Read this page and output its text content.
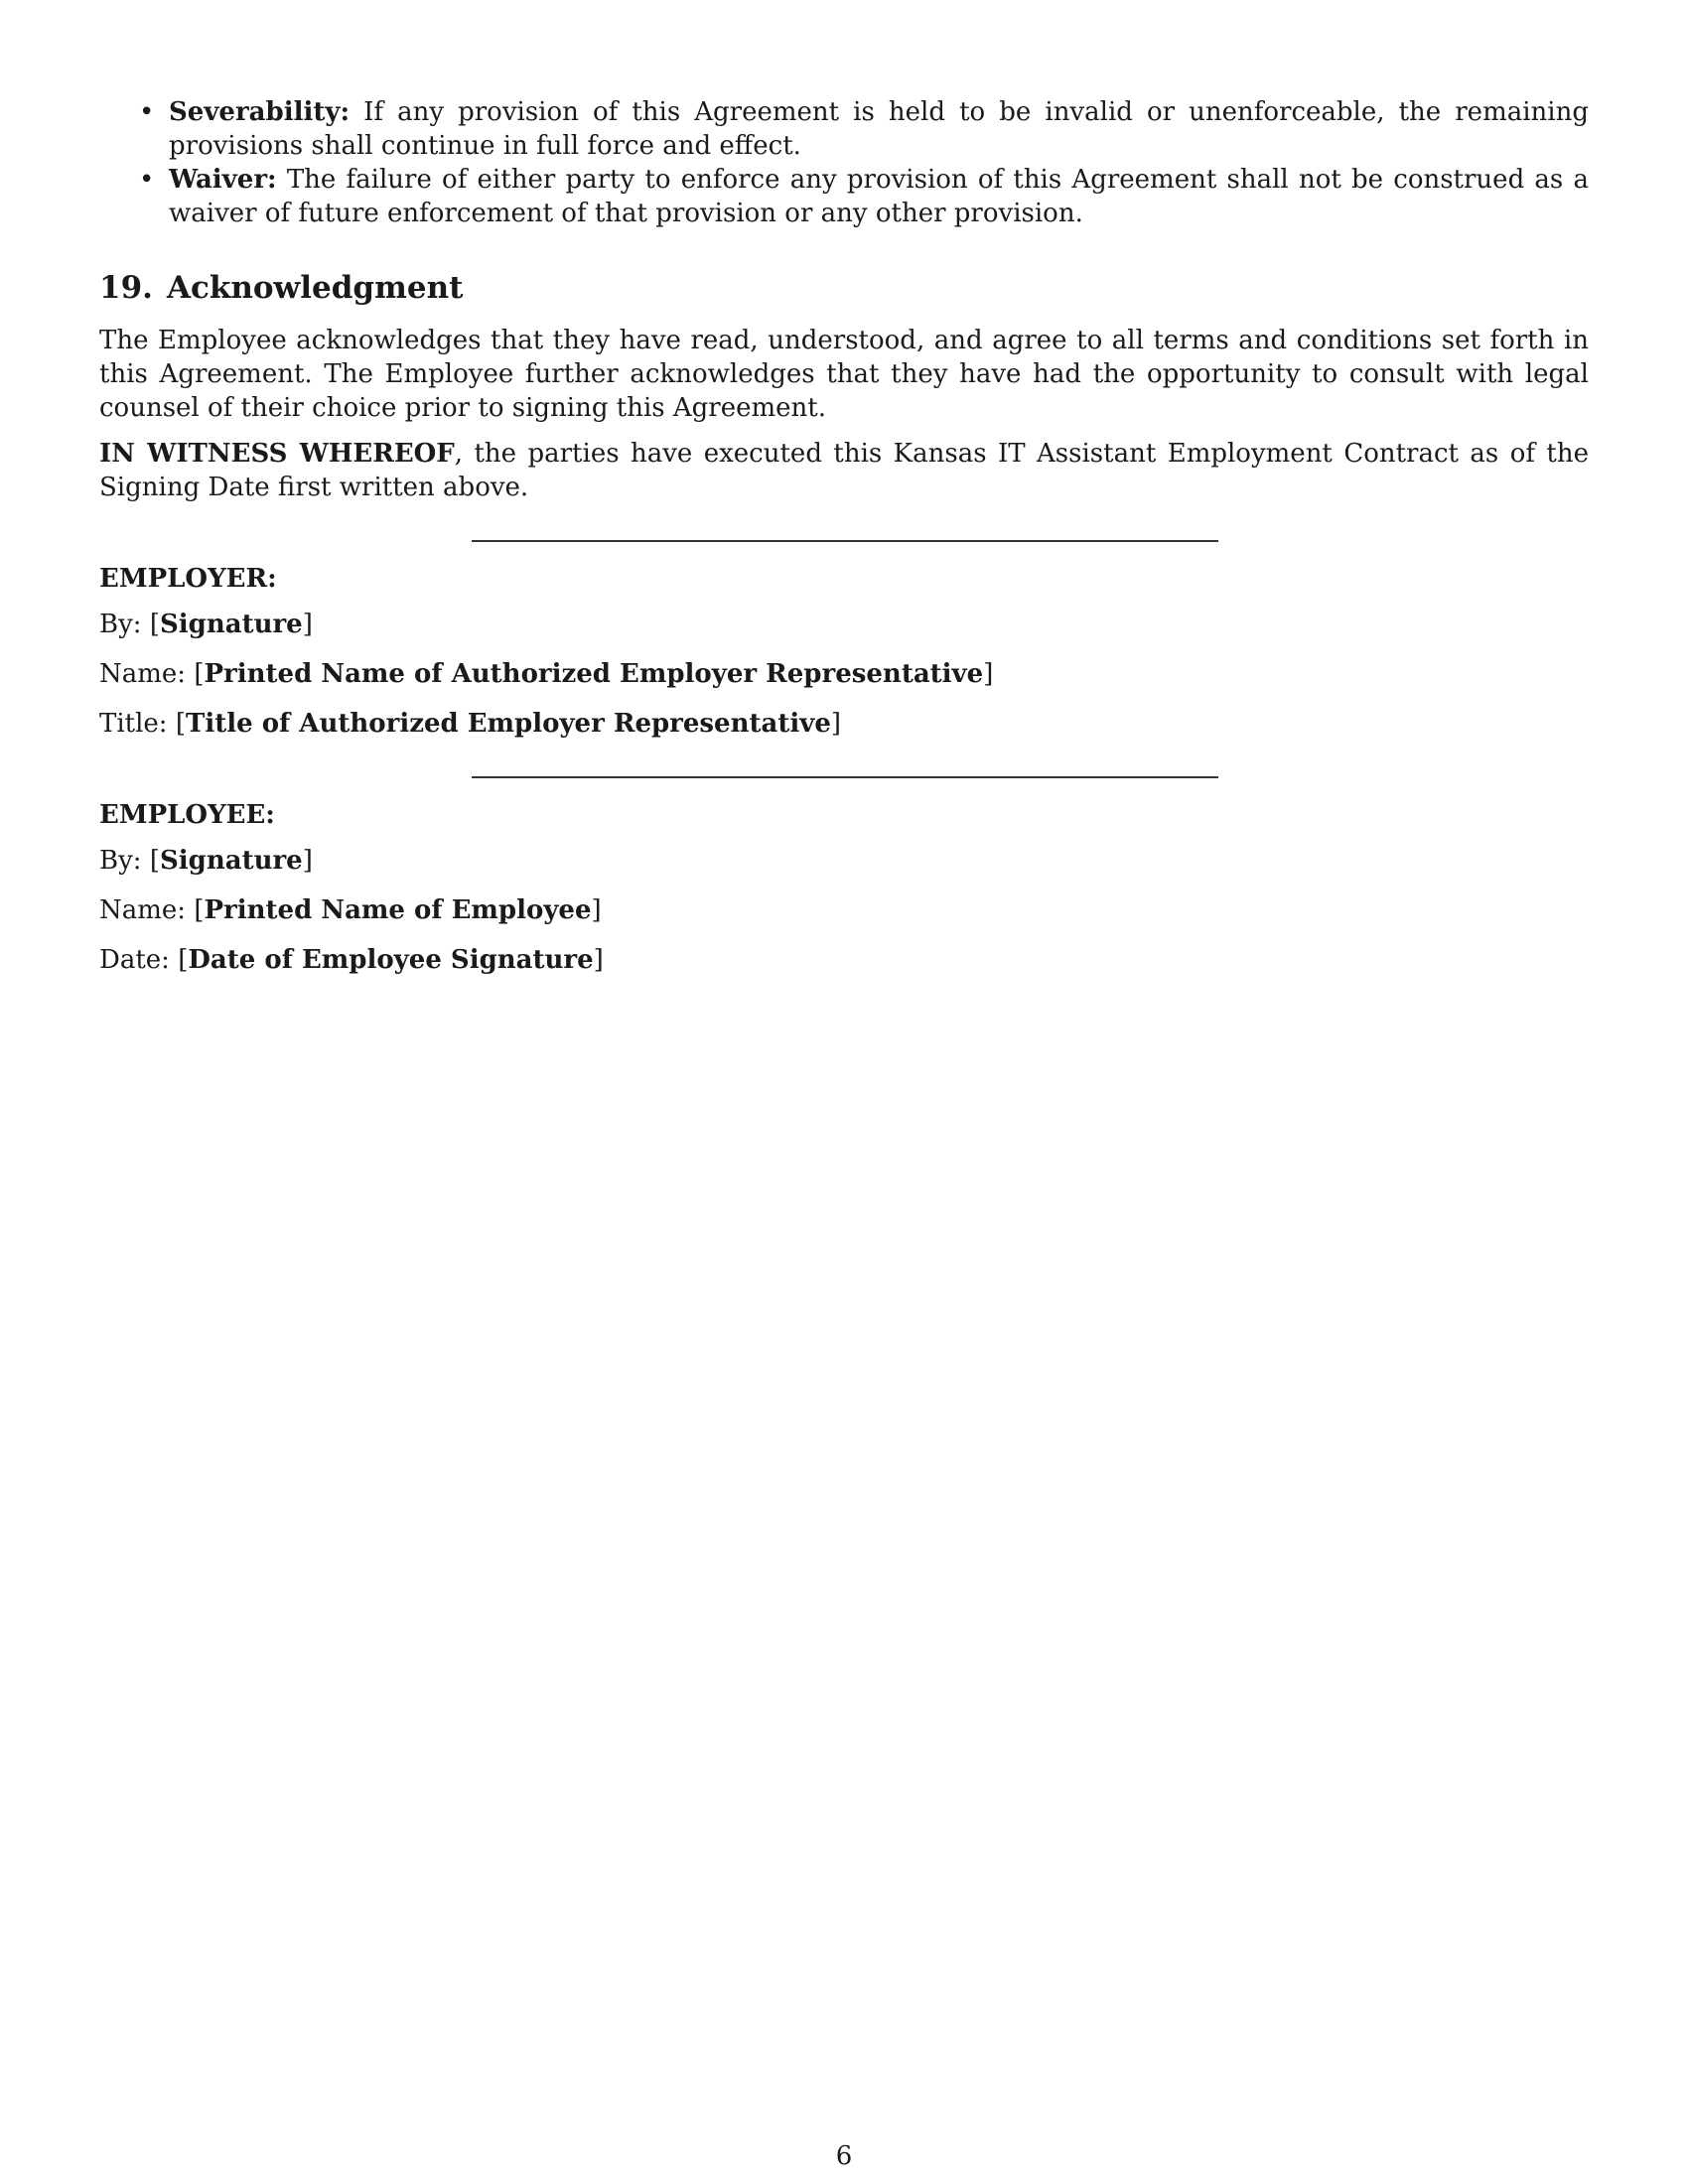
• Severability: If any provision of this Agreement is held to be invalid or unenforceable, the remaining provisions shall continue in full force and effect.
• Waiver: The failure of either party to enforce any provision of this Agreement shall not be construed as a waiver of future enforcement of that provision or any other provision.
19. Acknowledgment

The Employee acknowledges that they have read, understood, and agree to all terms and conditions set forth in this Agreement. The Employee further acknowledges that they have had the opportunity to consult with legal counsel of their choice prior to signing this Agreement.

IN WITNESS WHEREOF, the parties have executed this Kansas IT Assistant Employment Contract as of the Signing Date first written above.

EMPLOYER:
By: [Signature]
Name: [Printed Name of Authorized Employer Representative]
Title: [Title of Authorized Employer Representative]
EMPLOYEE:
By: [Signature]
Name: [Printed Name of Employee]
Date: [Date of Employee Signature]
6
